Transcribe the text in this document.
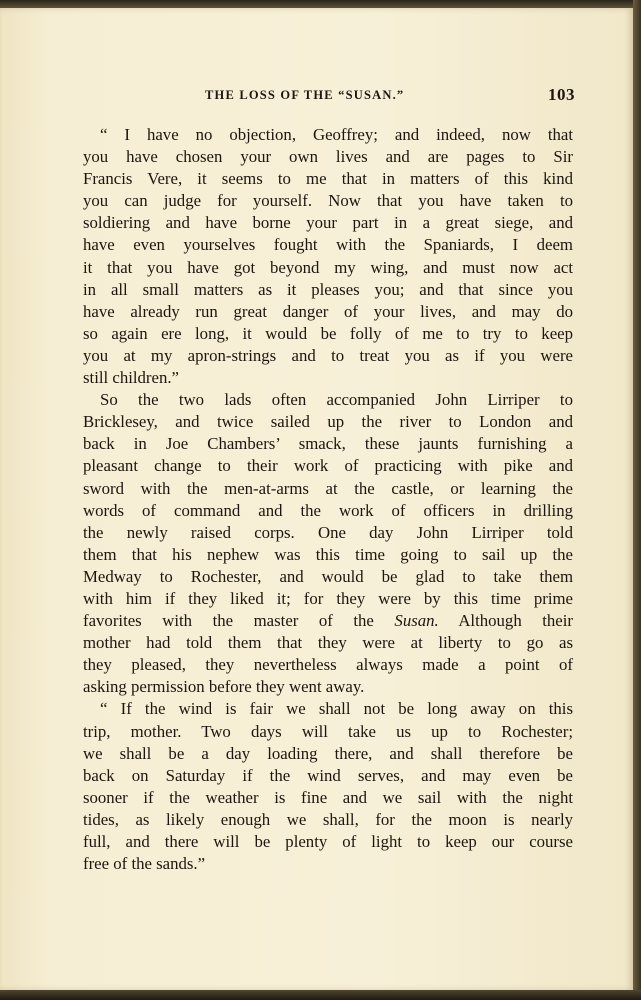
THE LOSS OF THE “SUSAN.”	103
“ I have no objection, Geoffrey; and indeed, now that
you have chosen your own lives and are pages to Sir
Francis Vere, it seems to me that in matters of this kind
you can judge for yourself. Now that you have taken to
soldiering and have borne your part in a great siege, and
have even yourselves fought with the Spaniards, I deem
it that you have got beyond my wing, and must now act
in all small matters as it pleases you; and that since you
have already run great danger of your lives, and may do
so again ere long, it would be folly of me to try to keep
you at my apron-strings and to treat you as if you were
still children.”
So the two lads often accompanied John Lirriper to
Bricklesey, and twice sailed up the river to London and
back in Joe Chambers’ smack, these jaunts furnishing a
pleasant change to their work of practicing with pike and
sword with the men-at-arms at the castle, or learning the
words of command and the work of officers in drilling
the newly raised corps. One day John Lirriper told
them that his nephew was this time going to sail up the
Medway to Rochester, and would be glad to take them
with him if they liked it; for they were by this time prime
favorites with the master of the Susan. Although their
mother had told them that they were at liberty to go as
they pleased, they nevertheless always made a point of
asking permission before they went away.
“ If the wind is fair we shall not be long away on this
trip, mother. Two days will take us up to Rochester;
we shall be a day loading there, and shall therefore be
back on Saturday if the wind serves, and may even be
sooner if the weather is fine and we sail with the night
tides, as likely enough we shall, for the moon is nearly
full, and there will be plenty of light to keep our course
free of the sands.”
